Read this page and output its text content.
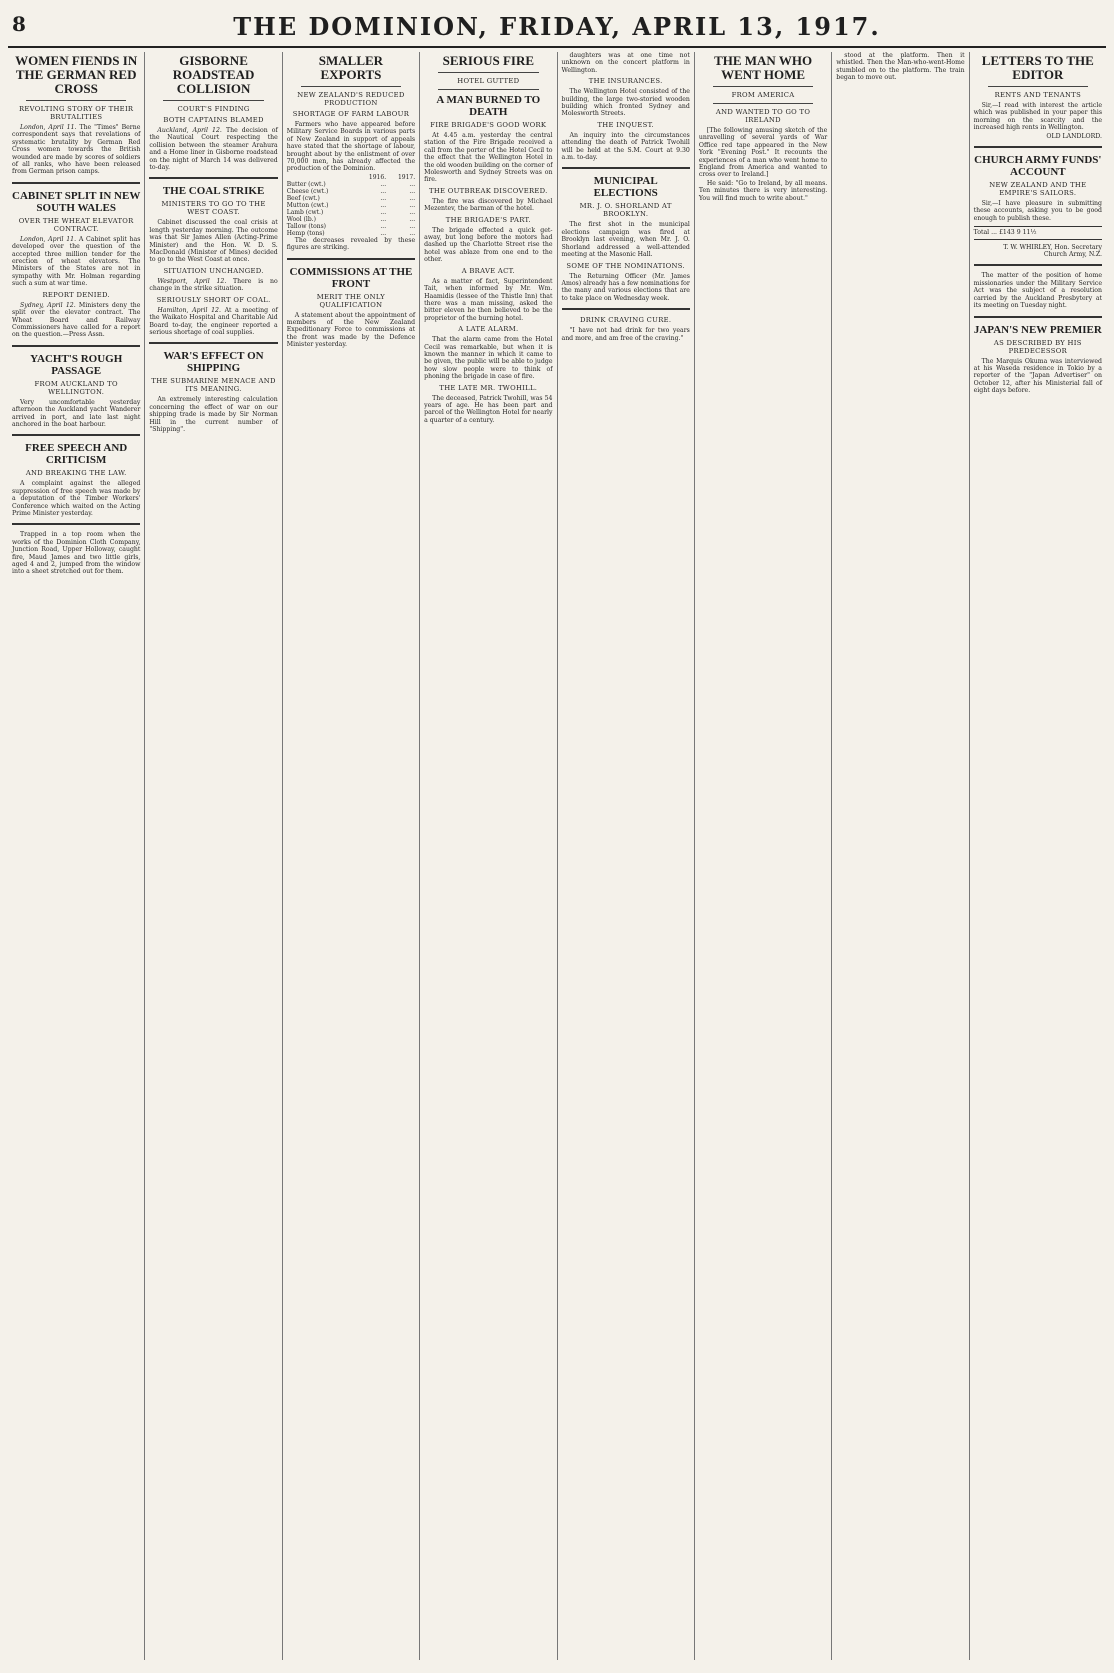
8	THE DOMINION, FRIDAY, APRIL 13, 1917.
WOMEN FIENDS IN THE GERMAN RED CROSS
REVOLTING STORY OF THEIR BRUTALITIES

London, April 11. The "Times" Berne correspondent says that revelations of systematic brutality by German Red Cross women towards the British wounded are made by scores of soldiers of all ranks, who have been released from German prison camps.

CABINET SPLIT IN NEW SOUTH WALES
OVER THE WHEAT ELEVATOR CONTRACT.

London, April 11. A Cabinet split has developed over the question of the accepted three million tender for the erection of wheat elevators. The Ministers of the States are not in sympathy with Mr. Holman regarding such a sum at war time.

REPORT DENIED.

Sydney, April 12. Ministers deny the split over the elevator contract. The Wheat Board and Railway Commissioners have called for a report on the question.—Press Assn.

YACHT'S ROUGH PASSAGE
FROM AUCKLAND TO WELLINGTON.

Very uncomfortable yesterday afternoon the Auckland yacht Wanderer arrived in port, and late last night anchored in the boat harbour.

FREE SPEECH AND CRITICISM
AND BREAKING THE LAW.

A complaint against the alleged suppression of free speech was made by a deputation of the Timber Workers' Conference which waited on the Acting Prime Minister yesterday.

Trapped in a top room when the works of the Dominion Cloth Company, Junction Road, Upper Holloway, caught fire, Maud James and two little girls, aged 4 and 2, jumped from the window into a sheet stretched out for them.

GISBORNE ROADSTEAD COLLISION
COURT'S FINDING
BOTH CAPTAINS BLAMED

Auckland, April 12. The decision of the Nautical Court respecting the collision between the steamer Arahura and a Home liner in Gisborne roadstead on the night of March 14 was delivered to-day.

THE COAL STRIKE
MINISTERS TO GO TO THE WEST COAST.

Cabinet discussed the coal crisis at length yesterday morning. The outcome was that Sir James Allen (Acting-Prime Minister) and the Hon. W. D. S. MacDonald (Minister of Mines) decided to go to the West Coast at once.

SITUATION UNCHANGED.

Westport, April 12. There is no change in the strike situation.

SERIOUSLY SHORT OF COAL.

Hamilton, April 12. At a meeting of the Waikato Hospital and Charitable Aid Board to-day, the engineer reported a serious shortage of coal supplies.

WAR'S EFFECT ON SHIPPING
THE SUBMARINE MENACE AND ITS MEANING.

An extremely interesting calculation concerning the effect of war on our shipping trade is made by Sir Norman Hill in the current number of "Shipping".

SMALLER EXPORTS
NEW ZEALAND'S REDUCED PRODUCTION
SHORTAGE OF FARM LABOUR

Farmers who have appeared before Military Service Boards in various parts of New Zealand in support of appeals have stated that the shortage of labour, brought about by the enlistment of over 70,000 men, has already affected the production of the Dominion.

	1916.	1917.
Butter (cwt.)	...	...
Cheese (cwt.)	...	...
Beef (cwt.)	...	...
Mutton (cwt.)	...	...
Lamb (cwt.)	...	...
Wool (lb.)	...	...
Tallow (tons)	...	...
Hemp (tons)	...	...

The decreases revealed by these figures are striking.

COMMISSIONS AT THE FRONT
MERIT THE ONLY QUALIFICATION

A statement about the appointment of members of the New Zealand Expeditionary Force to commissions at the front was made by the Defence Minister yesterday.

SERIOUS FIRE
HOTEL GUTTED
A MAN BURNED TO DEATH
FIRE BRIGADE'S GOOD WORK

At 4.45 a.m. yesterday the central station of the Fire Brigade received a call from the porter of the Hotel Cecil to the effect that the Wellington Hotel in the old wooden building on the corner of Molesworth and Sydney Streets was on fire.

THE OUTBREAK DISCOVERED.

The fire was discovered by Michael Mezentev, the barman of the hotel.

THE BRIGADE'S PART.

The brigade effected a quick get-away, but long before the motors had dashed up the Charlotte Street rise the hotel was ablaze from one end to the other.

A BRAVE ACT.

As a matter of fact, Superintendent Tait, when informed by Mr. Wm. Haamidis (lessee of the Thistle Inn) that there was a man missing, asked the bitter eleven he then believed to be the proprietor of the burning hotel.

A LATE ALARM.

That the alarm came from the Hotel Cecil was remarkable, but when it is known the manner in which it came to be given, the public will be able to judge how slow people were to think of phoning the brigade in case of fire.

THE LATE MR. TWOHILL.

The deceased, Patrick Twohill, was 54 years of age. He has been part and parcel of the Wellington Hotel for nearly a quarter of a century.

daughters was at one time not unknown on the concert platform in Wellington.

THE INSURANCES.

The Wellington Hotel consisted of the building, the large two-storied wooden building which fronted Sydney and Molesworth Streets.

THE INQUEST.

An inquiry into the circumstances attending the death of Patrick Twohill will be held at the S.M. Court at 9.30 a.m. to-day.

MUNICIPAL ELECTIONS
MR. J. O. SHORLAND AT BROOKLYN.

The first shot in the municipal elections campaign was fired at Brooklyn last evening, when Mr. J. O. Shorland addressed a well-attended meeting at the Masonic Hall.

SOME OF THE NOMINATIONS.

The Returning Officer (Mr. James Amos) already has a few nominations for the many and various elections that are to take place on Wednesday week.

DRINK CRAVING CURE.

"I have not had drink for two years and more, and am free of the craving."

THE MAN WHO WENT HOME
FROM AMERICA
AND WANTED TO GO TO IRELAND

[The following amusing sketch of the unravelling of several yards of War Office red tape appeared in the New York "Evening Post." It recounts the experiences of a man who went home to England from America and wanted to cross over to Ireland.]

He said: "Go to Ireland, by all means. Ten minutes there is very interesting. You will find much to write about."

stood at the platform. Then it whistled. Then the Man-who-went-Home stumbled on to the platform. The train began to move out.

LETTERS TO THE EDITOR
RENTS AND TENANTS

Sir,—I read with interest the article which was published in your paper this morning on the scarcity and the increased high rents in Wellington.

OLD LANDLORD.

CHURCH ARMY FUNDS' ACCOUNT
NEW ZEALAND AND THE EMPIRE'S SAILORS.

Sir,—I have pleasure in submitting these accounts, asking you to be good enough to publish these.

Total ... £143 9 11½

T. W. WHIRLEY, Hon. Secretary Church Army, N.Z.

The matter of the position of home missionaries under the Military Service Act was the subject of a resolution carried by the Auckland Presbytery at its meeting on Tuesday night.

JAPAN'S NEW PREMIER
AS DESCRIBED BY HIS PREDECESSOR

The Marquis Okuma was interviewed at his Waseda residence in Tokio by a reporter of the "Japan Advertiser" on October 12, after his Ministerial fall of eight days before.
